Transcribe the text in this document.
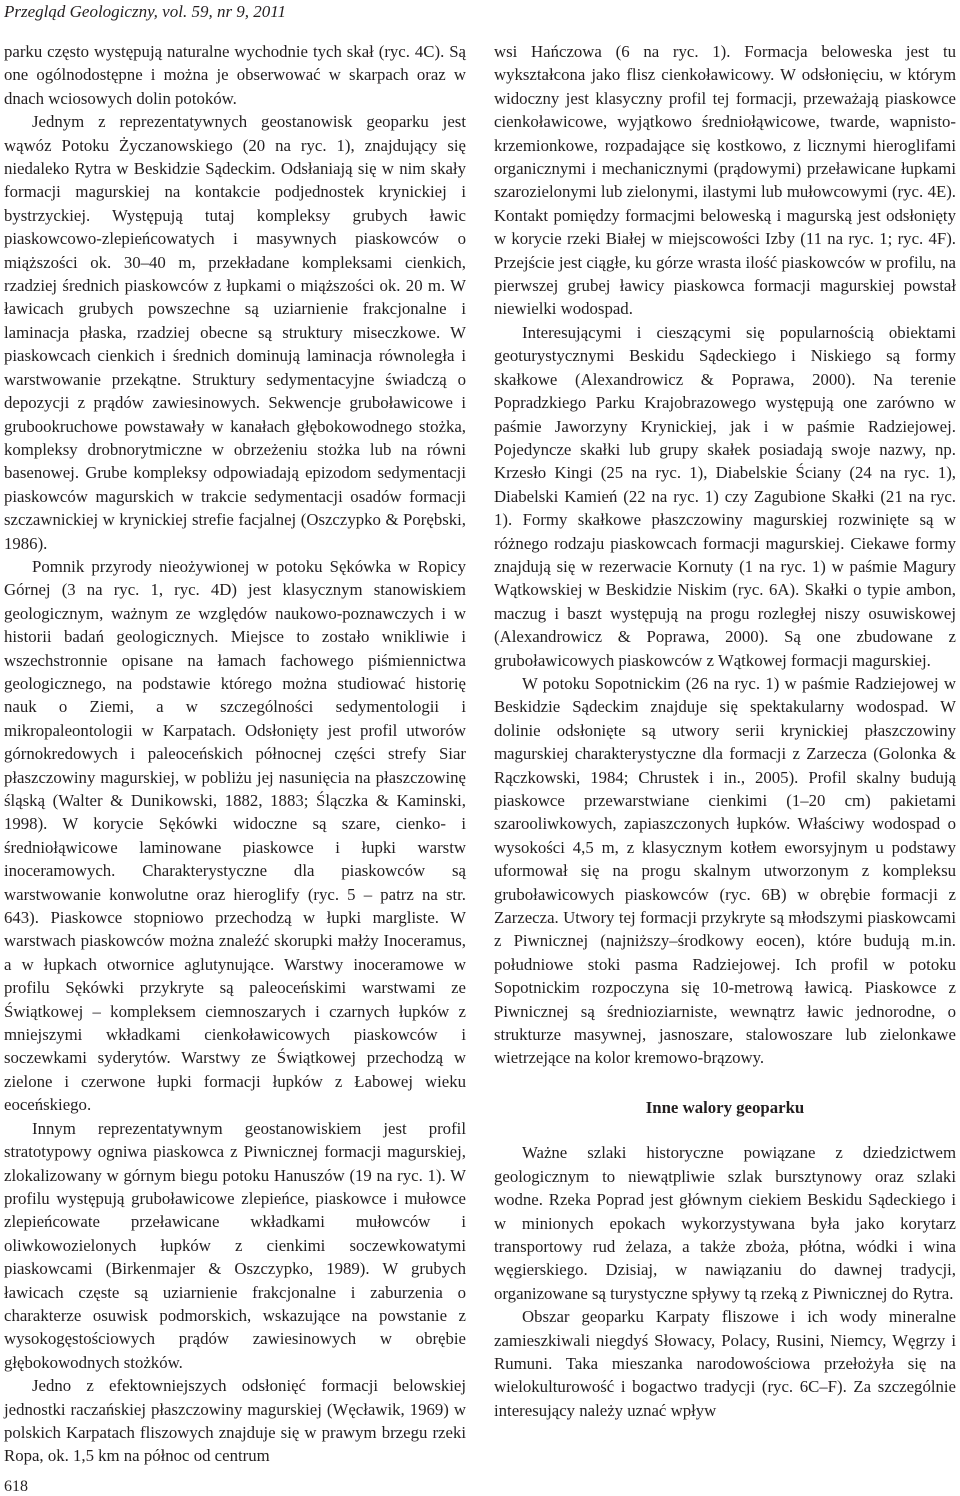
Przegląd Geologiczny, vol. 59, nr 9, 2011

parku często występują naturalne wychodnie tych skał (ryc. 4C). Są one ogólnodostępne i można je obserwować w skarpach oraz w dnach wciosowych dolin potoków.

Jednym z reprezentatywnych geostanowisk geoparku jest wąwóz Potoku Życzanowskiego (20 na ryc. 1), znajdujący się niedaleko Rytra w Beskidzie Sądeckim. Odsłaniają się w nim skały formacji magurskiej na kontakcie podjednostek krynickiej i bystrzyckiej. Występują tutaj kompleksy grubych ławic piaskowcowo-zlepieńcowatych i masywnych piaskowców o miąższości ok. 30–40 m, przekładane kompleksami cienkich, rzadziej średnich piaskowców z łupkami o miąższości ok. 20 m. W ławicach grubych powszechne są uziarnienie frakcjonalne i laminacja płaska, rzadziej obecne są struktury miseczkowe. W piaskowcach cienkich i średnich dominują laminacja równoległa i warstwowanie przekątne. Struktury sedymentacyjne świadczą o depozycji z prądów zawiesinowych. Sekwencje gruboławicowe i grubookruchowe powstawały w kanałach głębokowodnego stożka, kompleksy drobnorytmiczne w obrzeżeniu stożka lub na równi basenowej. Grube kompleksy odpowiadają epizodom sedymentacji piaskowców magurskich w trakcie sedymentacji osadów formacji szczawnickiej w krynickiej strefie facjalnej (Oszczypko & Porębski, 1986).

Pomnik przyrody nieożywionej w potoku Sękówka w Ropicy Górnej (3 na ryc. 1, ryc. 4D) jest klasycznym stanowiskiem geologicznym, ważnym ze względów naukowo-poznawczych i w historii badań geologicznych. Miejsce to zostało wnikliwie i wszechstronnie opisane na łamach fachowego piśmiennictwa geologicznego, na podstawie którego można studiować historię nauk o Ziemi, a w szczególności sedymentologii i mikropaleontologii w Karpatach. Odsłonięty jest profil utworów górnokredowych i paleoceńskich północnej części strefy Siar płaszczowiny magurskiej, w pobliżu jej nasunięcia na płaszczowinę śląską (Walter & Dunikowski, 1882, 1883; Ślączka & Kaminski, 1998). W korycie Sękówki widoczne są szare, cienko- i średniołąwicowe laminowane piaskowce i łupki warstw inoceramowych. Charakterystyczne dla piaskowców są warstwowanie konwolutne oraz hieroglify (ryc. 5 – patrz na str. 643). Piaskowce stopniowo przechodzą w łupki margliste. W warstwach piaskowców można znaleźć skorupki małży Inoceramus, a w łupkach otwornice aglutynujące. Warstwy inoceramowe w profilu Sękówki przykryte są paleoceńskimi warstwami ze Świątkowej – kompleksem ciemnoszarych i czarnych łupków z mniejszymi wkładkami cienkoławicowych piaskowców i soczewkami syderytów. Warstwy ze Świątkowej przechodzą w zielone i czerwone łupki formacji łupków z Łabowej wieku eoceńskiego.

Innym reprezentatywnym geostanowiskiem jest profil stratotypowy ogniwa piaskowca z Piwnicznej formacji magurskiej, zlokalizowany w górnym biegu potoku Hanuszów (19 na ryc. 1). W profilu występują gruboławicowe zlepieńce, piaskowce i mułowce zlepieńcowate przeławicane wkładkami mułowców i oliwkowozielonych łupków z cienkimi soczewkowatymi piaskowcami (Birkenmajer & Oszczypko, 1989). W grubych ławicach częste są uziarnienie frakcjonalne i zaburzenia o charakterze osuwisk podmorskich, wskazujące na powstanie z wysokogęstościowych prądów zawiesinowych w obrębie głębokowodnych stożków.

Jedno z efektowniejszych odsłonięć formacji belowskiej jednostki raczańskiej płaszczowiny magurskiej (Węcławik, 1969) w polskich Karpatach fliszowych znajduje się w prawym brzegu rzeki Ropa, ok. 1,5 km na północ od centrum

wsi Hańczowa (6 na ryc. 1). Formacja beloweska jest tu wykształcona jako flisz cienkoławicowy. W odsłonięciu, w którym widoczny jest klasyczny profil tej formacji, przeważają piaskowce cienkoławicowe, wyjątkowo średniołąwicowe, twarde, wapnisto-krzemionkowe, rozpadające się kostkowo, z licznymi hieroglifami organicznymi i mechanicznymi (prądowymi) przeławicane łupkami szarozielonymi lub zielonymi, ilastymi lub mułowcowymi (ryc. 4E). Kontakt pomiędzy formacjmi beloweską i magurską jest odsłonięty w korycie rzeki Białej w miejscowości Izby (11 na ryc. 1; ryc. 4F). Przejście jest ciągłe, ku górze wrasta ilość piaskowców w profilu, na pierwszej grubej ławicy piaskowca formacji magurskiej powstał niewielki wodospad.

Interesującymi i cieszącymi się popularnością obiektami geoturystycznymi Beskidu Sądeckiego i Niskiego są formy skałkowe (Alexandrowicz & Poprawa, 2000). Na terenie Popradzkiego Parku Krajobrazowego występują one zarówno w paśmie Jaworzyny Krynickiej, jak i w paśmie Radziejowej. Pojedyncze skałki lub grupy skałek posiadają swoje nazwy, np. Krzesło Kingi (25 na ryc. 1), Diabelskie Ściany (24 na ryc. 1), Diabelski Kamień (22 na ryc. 1) czy Zagubione Skałki (21 na ryc. 1). Formy skałkowe płaszczowiny magurskiej rozwinięte są w różnego rodzaju piaskowcach formacji magurskiej. Ciekawe formy znajdują się w rezerwacie Kornuty (1 na ryc. 1) w paśmie Magury Wątkowskiej w Beskidzie Niskim (ryc. 6A). Skałki o typie ambon, maczug i baszt występują na progu rozległej niszy osuwiskowej (Alexandrowicz & Poprawa, 2000). Są one zbudowane z gruboławicowych piaskowców z Wątkowej formacji magurskiej.

W potoku Sopotnickim (26 na ryc. 1) w paśmie Radziejowej w Beskidzie Sądeckim znajduje się spektakularny wodospad. W dolinie odsłonięte są utwory serii krynickiej płaszczowiny magurskiej charakterystyczne dla formacji z Zarzecza (Golonka & Rączkowski, 1984; Chrustek i in., 2005). Profil skalny budują piaskowce przewarstwiane cienkimi (1–20 cm) pakietami szarooliwkowych, zapiaszczonych łupków. Właściwy wodospad o wysokości 4,5 m, z klasycznym kotłem eworsyjnym u podstawy uformował się na progu skalnym utworzonym z kompleksu gruboławicowych piaskowców (ryc. 6B) w obrębie formacji z Zarzecza. Utwory tej formacji przykryte są młodszymi piaskowcami z Piwnicznej (najniższy–środkowy eocen), które budują m.in. południowe stoki pasma Radziejowej. Ich profil w potoku Sopotnickim rozpoczyna się 10-metrową ławicą. Piaskowce z Piwnicznej są średnioziarniste, wewnątrz ławic jednorodne, o strukturze masywnej, jasnoszare, stalowoszare lub zielonkawe wietrzejące na kolor kremowo-brązowy.

Inne walory geoparku

Ważne szlaki historyczne powiązane z dziedzictwem geologicznym to niewątpliwie szlak bursztynowy oraz szlaki wodne. Rzeka Poprad jest głównym ciekiem Beskidu Sądeckiego i w minionych epokach wykorzystywana była jako korytarz transportowy rud żelaza, a także zboża, płótna, wódki i wina węgierskiego. Dzisiaj, w nawiązaniu do dawnej tradycji, organizowane są turystyczne spływy tą rzeką z Piwnicznej do Rytra.

Obszar geoparku Karpaty fliszowe i ich wody mineralne zamieszkiwali niegdyś Słowacy, Polacy, Rusini, Niemcy, Węgrzy i Rumuni. Taka mieszanka narodowościowa przełożyła się na wielokulturowość i bogactwo tradycji (ryc. 6C–F). Za szczególnie interesujący należy uznać wpływ

618
